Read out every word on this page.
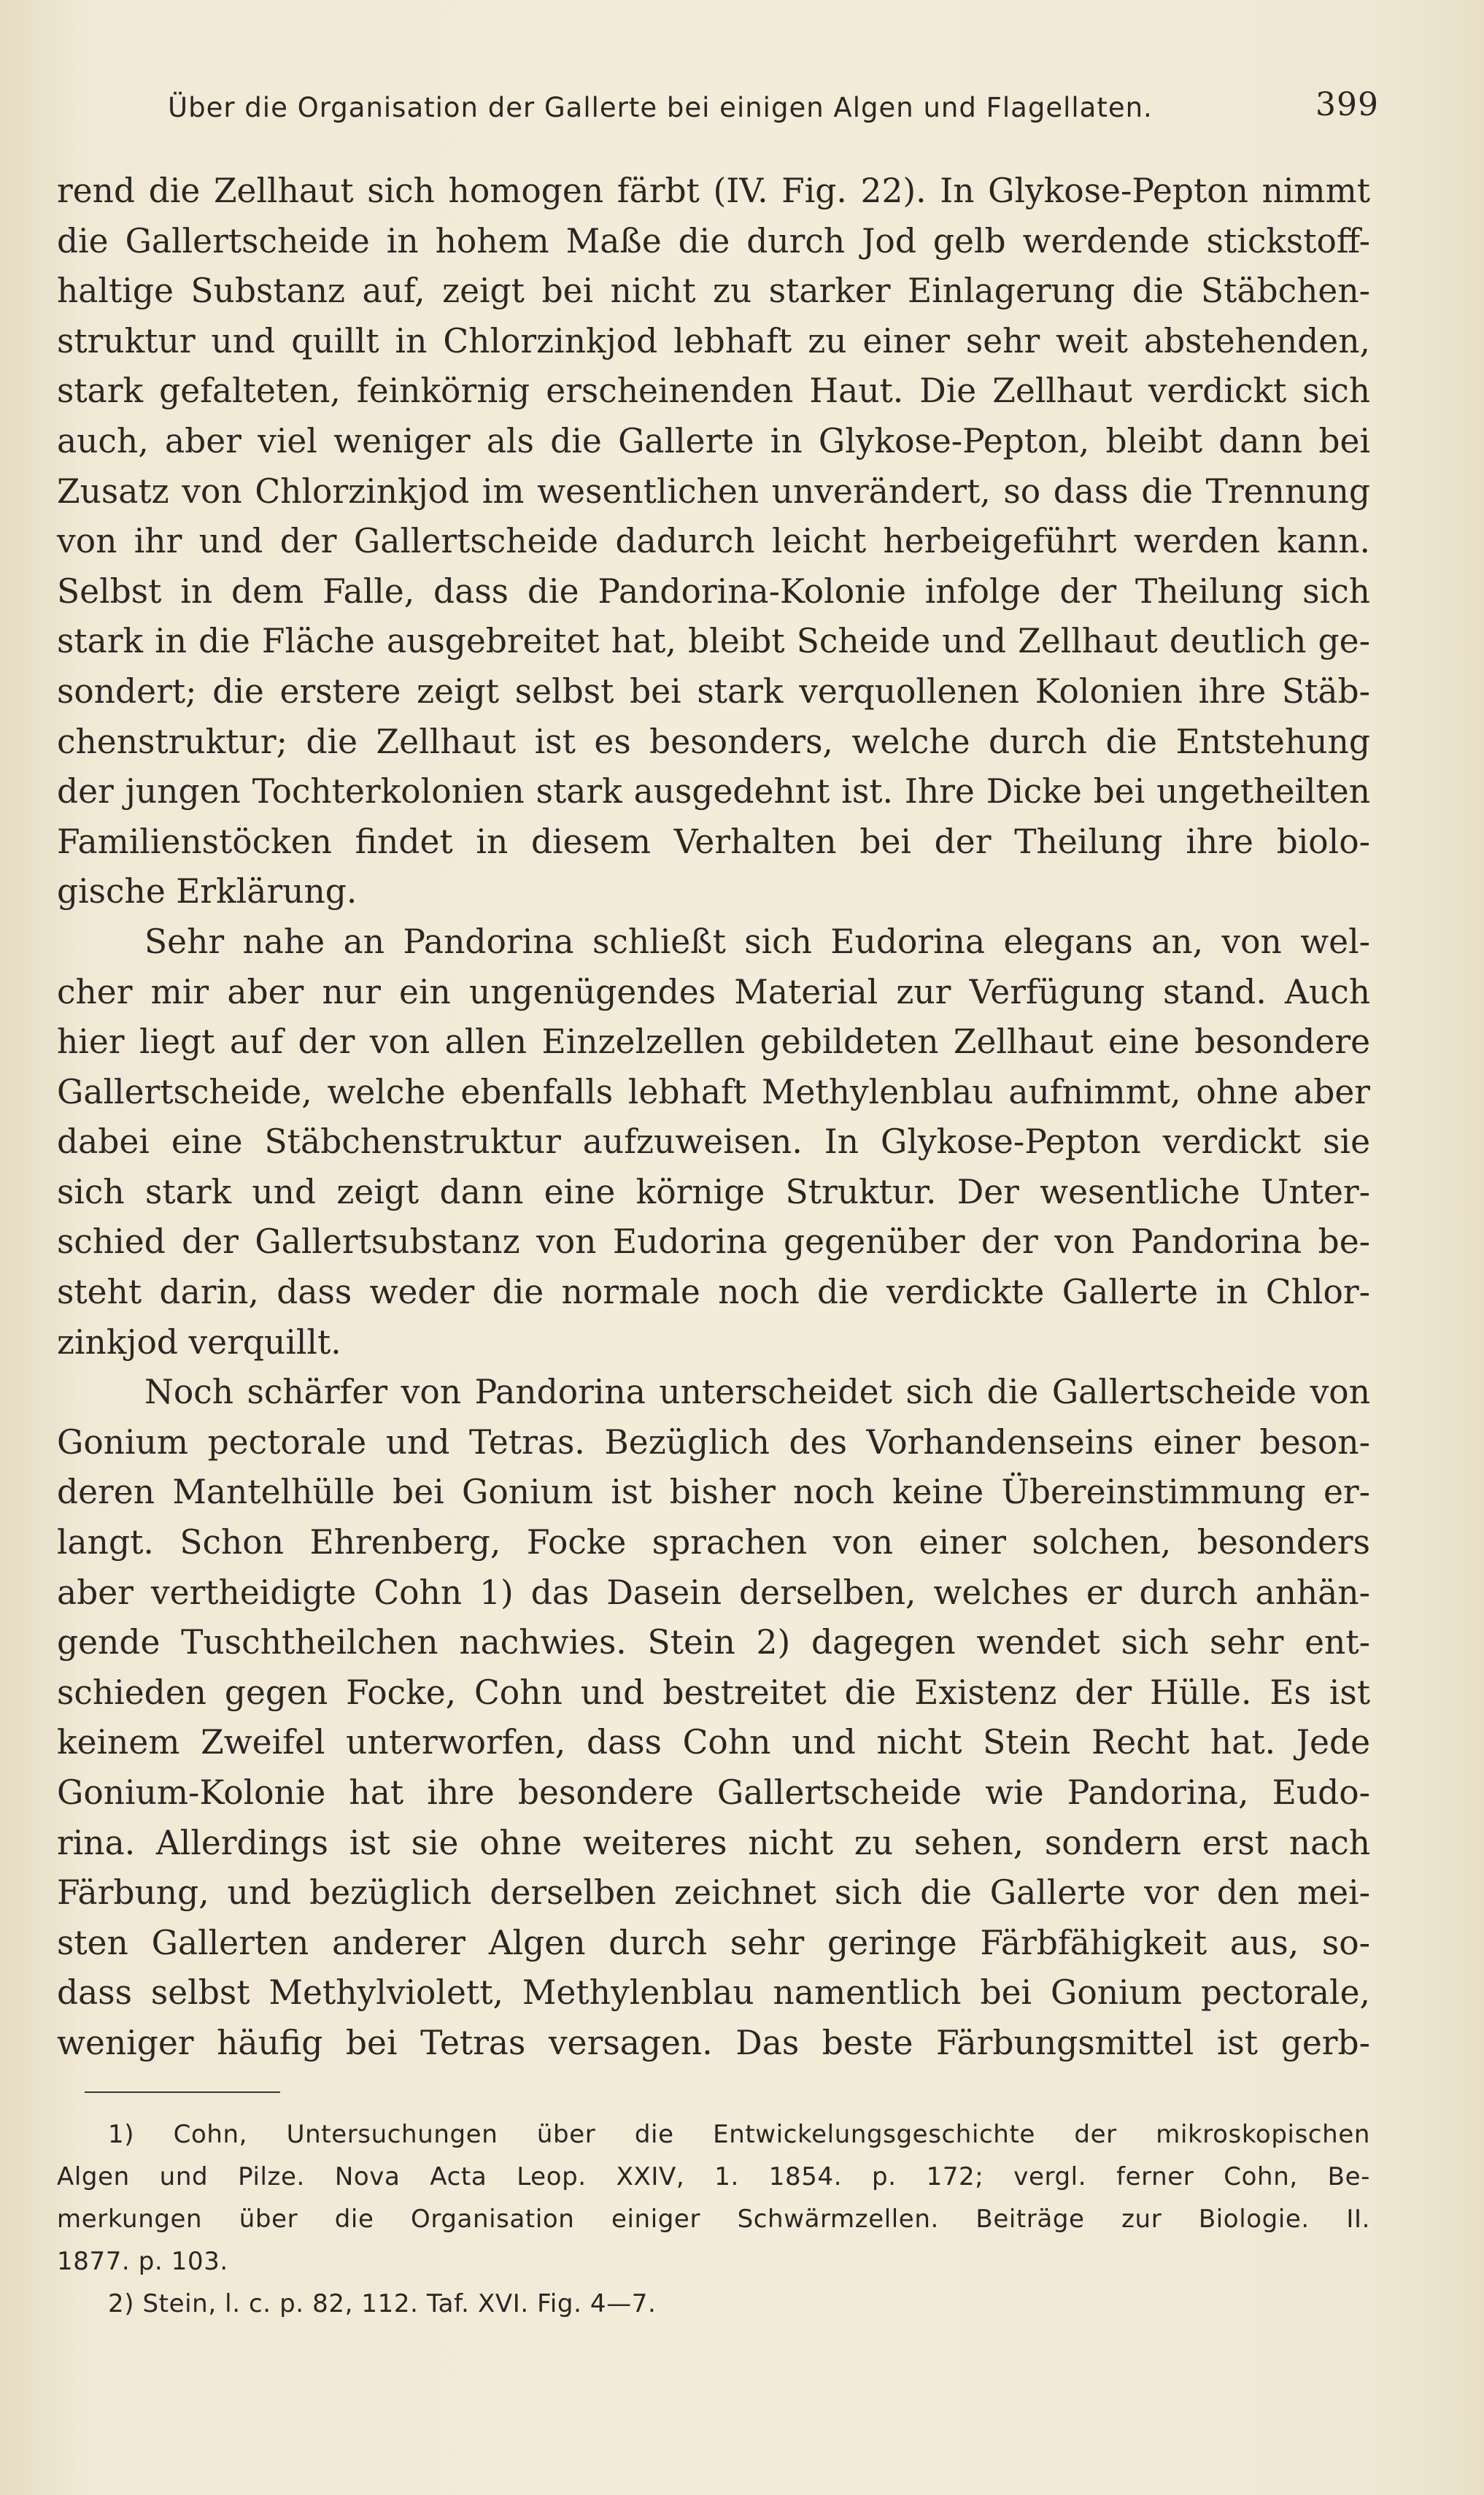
Über die Organisation der Gallerte bei einigen Algen und Flagellaten.	399
rend die Zellhaut sich homogen färbt (IV. Fig. 22). In Glykose-Pepton nimmt
die Gallertscheide in hohem Maße die durch Jod gelb werdende stickstoff-
haltige Substanz auf, zeigt bei nicht zu starker Einlagerung die Stäbchen-
struktur und quillt in Chlorzinkjod lebhaft zu einer sehr weit abstehenden,
stark gefalteten, feinkörnig erscheinenden Haut. Die Zellhaut verdickt sich
auch, aber viel weniger als die Gallerte in Glykose-Pepton, bleibt dann bei
Zusatz von Chlorzinkjod im wesentlichen unverändert, so dass die Trennung
von ihr und der Gallertscheide dadurch leicht herbeigeführt werden kann.
Selbst in dem Falle, dass die Pandorina-Kolonie infolge der Theilung sich
stark in die Fläche ausgebreitet hat, bleibt Scheide und Zellhaut deutlich ge-
sondert; die erstere zeigt selbst bei stark verquollenen Kolonien ihre Stäb-
chenstruktur; die Zellhaut ist es besonders, welche durch die Entstehung
der jungen Tochterkolonien stark ausgedehnt ist. Ihre Dicke bei ungetheilten
Familienstöcken findet in diesem Verhalten bei der Theilung ihre biolo-
gische Erklärung.
Sehr nahe an Pandorina schließt sich Eudorina elegans an, von wel-
cher mir aber nur ein ungenügendes Material zur Verfügung stand. Auch
hier liegt auf der von allen Einzelzellen gebildeten Zellhaut eine besondere
Gallertscheide, welche ebenfalls lebhaft Methylenblau aufnimmt, ohne aber
dabei eine Stäbchenstruktur aufzuweisen. In Glykose-Pepton verdickt sie
sich stark und zeigt dann eine körnige Struktur. Der wesentliche Unter-
schied der Gallertsubstanz von Eudorina gegenüber der von Pandorina be-
steht darin, dass weder die normale noch die verdickte Gallerte in Chlor-
zinkjod verquillt.
Noch schärfer von Pandorina unterscheidet sich die Gallertscheide von
Gonium pectorale und Tetras. Bezüglich des Vorhandenseins einer beson-
deren Mantelhülle bei Gonium ist bisher noch keine Übereinstimmung er-
langt. Schon Ehrenberg, Focke sprachen von einer solchen, besonders
aber vertheidigte Cohn 1) das Dasein derselben, welches er durch anhän-
gende Tuschtheilchen nachwies. Stein 2) dagegen wendet sich sehr ent-
schieden gegen Focke, Cohn und bestreitet die Existenz der Hülle. Es ist
keinem Zweifel unterworfen, dass Cohn und nicht Stein Recht hat. Jede
Gonium-Kolonie hat ihre besondere Gallertscheide wie Pandorina, Eudo-
rina. Allerdings ist sie ohne weiteres nicht zu sehen, sondern erst nach
Färbung, und bezüglich derselben zeichnet sich die Gallerte vor den mei-
sten Gallerten anderer Algen durch sehr geringe Färbfähigkeit aus, so-
dass selbst Methylviolett, Methylenblau namentlich bei Gonium pectorale,
weniger häufig bei Tetras versagen. Das beste Färbungsmittel ist gerb-
1) Cohn, Untersuchungen über die Entwickelungsgeschichte der mikroskopischen
Algen und Pilze. Nova Acta Leop. XXIV, 1. 1854. p. 172; vergl. ferner Cohn, Be-
merkungen über die Organisation einiger Schwärmzellen. Beiträge zur Biologie. II.
1877. p. 103.
2) Stein, l. c. p. 82, 112. Taf. XVI. Fig. 4—7.
